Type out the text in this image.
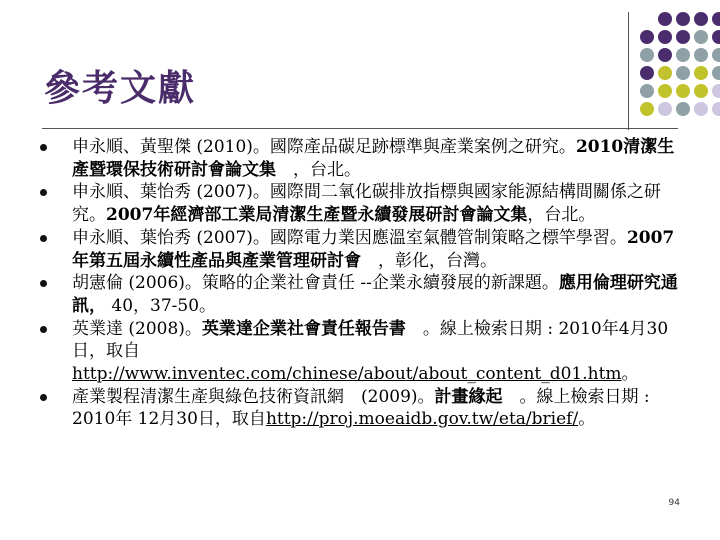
參考文獻
申永順、黃聖傑 (2010)。國際產品碳足跡標準與產業案例之研究。2010清潔生產暨環保技術研討會論文集　，台北。
申永順、葉怡秀 (2007)。國際間二氧化碳排放指標與國家能源結構間關係之研究。2007年經濟部工業局清潔生產暨永續發展研討會論文集，台北。
申永順、葉怡秀 (2007)。國際電力業因應溫室氣體管制策略之標竿學習。2007年第五屆永續性產品與產業管理研討會　，彰化，台灣。
胡憲倫 (2006)。策略的企業社會責任 --企業永續發展的新課題。應用倫理研究通訊， 40，37-50。
英業達 (2008)。英業達企業社會責任報告書　。線上檢索日期 : 2010年4月30日，取自http://www.inventec.com/chinese/about/about_content_d01.htm。
產業製程清潔生產與綠色技術資訊網　(2009)。計畫緣起　。線上檢索日期 : 2010年 12月30日，取自http://proj.moeaidb.gov.tw/eta/brief/。
94
